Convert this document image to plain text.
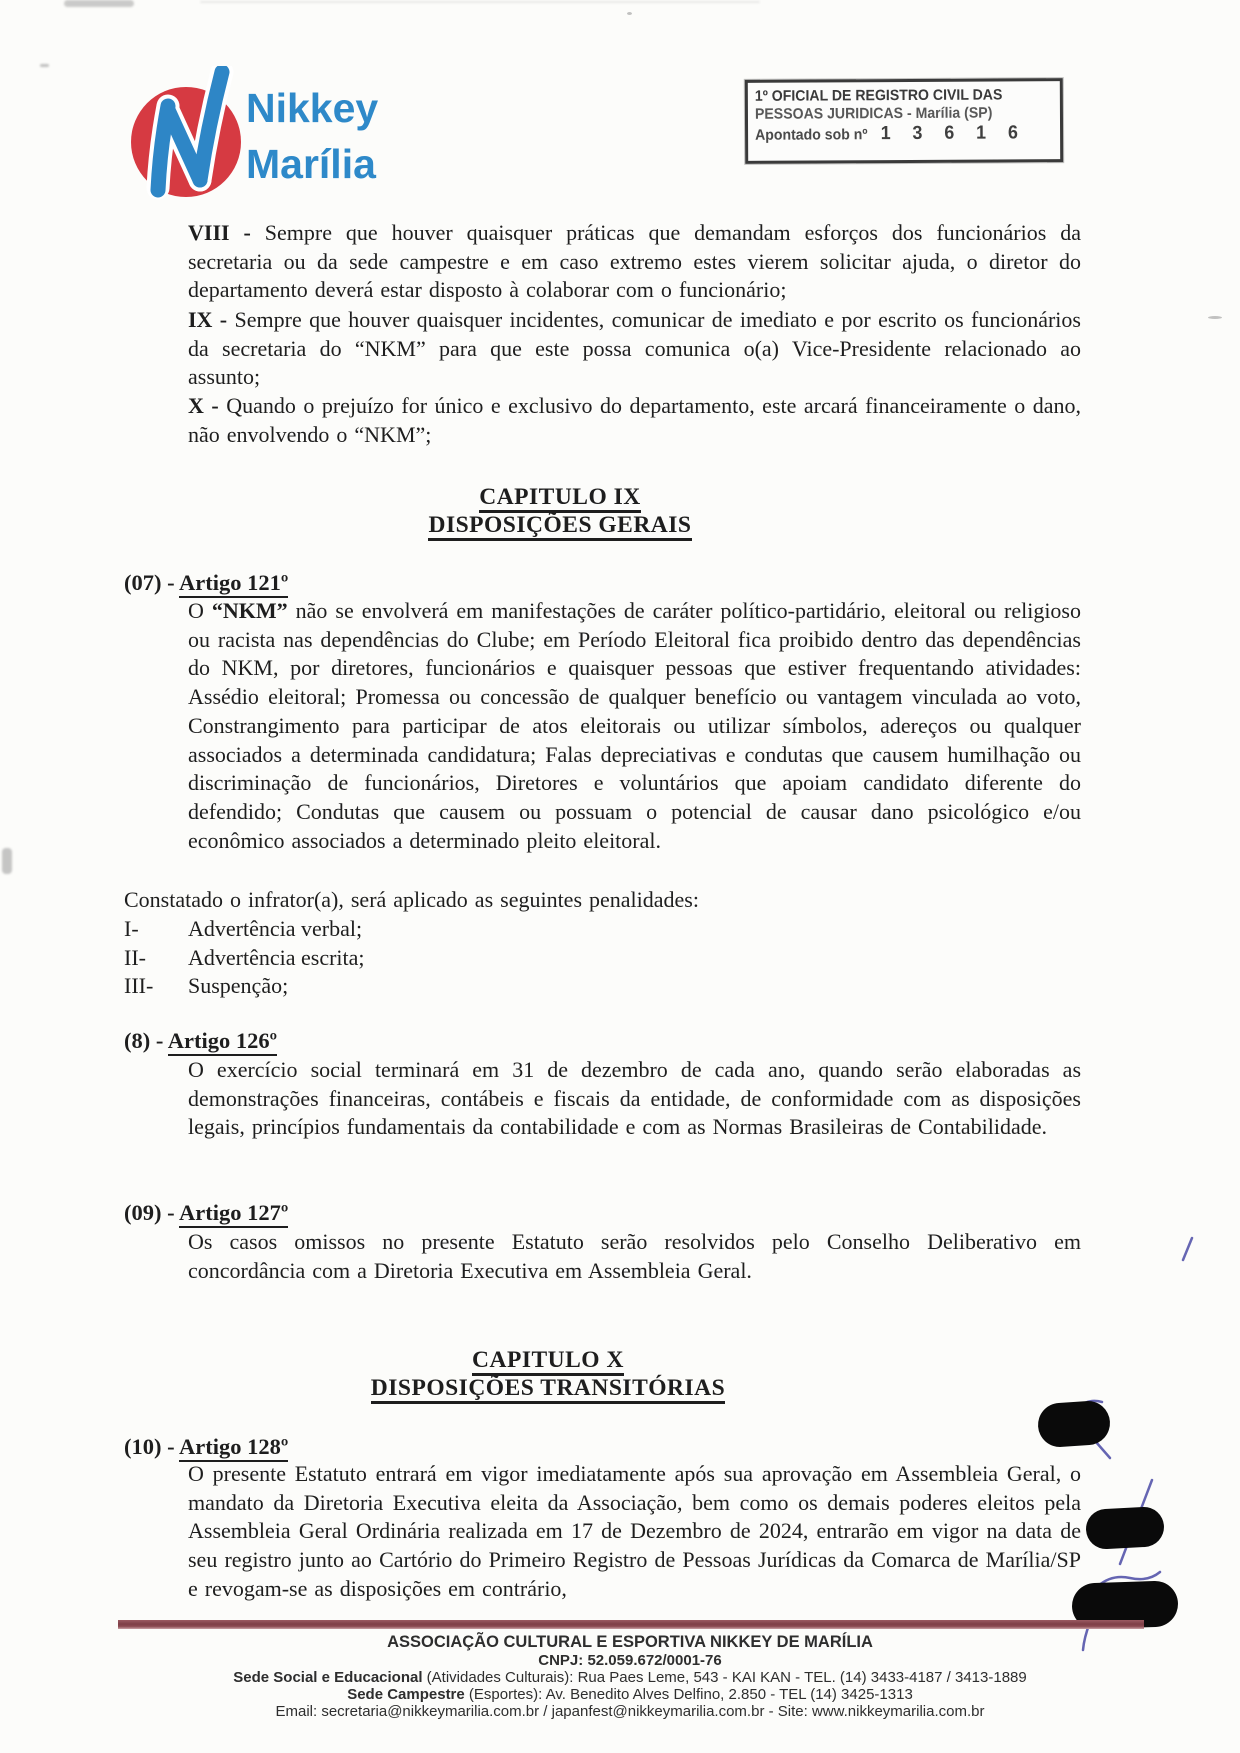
Nikkey
Marília
1º OFICIAL DE REGISTRO CIVIL DAS
PESSOAS JURIDICAS - Marília (SP)
Apontado sob nº 1 3 6 1 6
VIII - Sempre que houver quaisquer práticas que demandam esforços dos funcionários da secretaria ou da sede campestre e em caso extremo estes vierem solicitar ajuda, o diretor do departamento deverá estar disposto à colaborar com o funcionário;
IX - Sempre que houver quaisquer incidentes, comunicar de imediato e por escrito os funcionários da secretaria do “NKM” para que este possa comunica o(a) Vice-Presidente relacionado ao assunto;
X - Quando o prejuízo for único e exclusivo do departamento, este arcará financeiramente o dano, não envolvendo o “NKM”;
CAPITULO IX
DISPOSIÇÕES GERAIS
(07) - Artigo 121º
O “NKM” não se envolverá em manifestações de caráter político-partidário, eleitoral ou religioso ou racista nas dependências do Clube; em Período Eleitoral fica proibido dentro das dependências do NKM, por diretores, funcionários e quaisquer pessoas que estiver frequentando atividades: Assédio eleitoral; Promessa ou concessão de qualquer benefício ou vantagem vinculada ao voto, Constrangimento para participar de atos eleitorais ou utilizar símbolos, adereços ou qualquer associados a determinada candidatura; Falas depreciativas e condutas que causem humilhação ou discriminação de funcionários, Diretores e voluntários que apoiam candidato diferente do defendido; Condutas que causem ou possuam o potencial de causar dano psicológico e/ou econômico associados a determinado pleito eleitoral.
Constatado o infrator(a), será aplicado as seguintes penalidades:
I- Advertência verbal;
II- Advertência escrita;
III- Suspenção;
(8) - Artigo 126º
O exercício social terminará em 31 de dezembro de cada ano, quando serão elaboradas as demonstrações financeiras, contábeis e fiscais da entidade, de conformidade com as disposições legais, princípios fundamentais da contabilidade e com as Normas Brasileiras de Contabilidade.
(09) - Artigo 127º
Os casos omissos no presente Estatuto serão resolvidos pelo Conselho Deliberativo em concordância com a Diretoria Executiva em Assembleia Geral.
CAPITULO X
DISPOSIÇÕES TRANSITÓRIAS
(10) - Artigo 128º
O presente Estatuto entrará em vigor imediatamente após sua aprovação em Assembleia Geral, o mandato da Diretoria Executiva eleita da Associação, bem como os demais poderes eleitos pela Assembleia Geral Ordinária realizada em 17 de Dezembro de 2024, entrarão em vigor na data de seu registro junto ao Cartório do Primeiro Registro de Pessoas Jurídicas da Comarca de Marília/SP e revogam-se as disposições em contrário,
ASSOCIAÇÃO CULTURAL E ESPORTIVA NIKKEY DE MARÍLIA
CNPJ: 52.059.672/0001-76
Sede Social e Educacional (Atividades Culturais): Rua Paes Leme, 543 - KAI KAN - TEL. (14) 3433-4187 / 3413-1889
Sede Campestre (Esportes): Av. Benedito Alves Delfino, 2.850 - TEL (14) 3425-1313
Email: secretaria@nikkeymarilia.com.br / japanfest@nikkeymarilia.com.br - Site: www.nikkeymarilia.com.br
